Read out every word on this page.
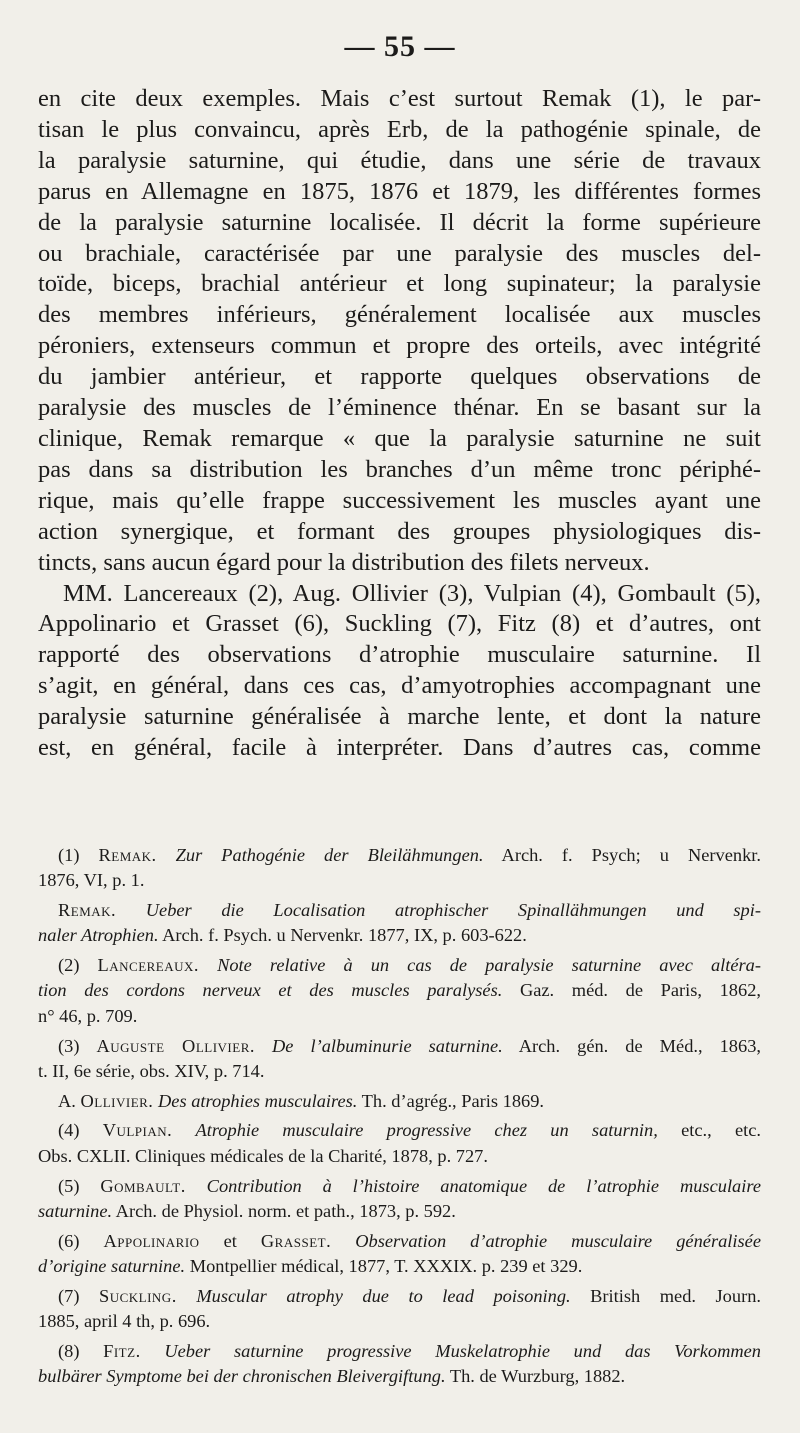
— 55 —

en cite deux exemples. Mais c’est surtout Remak (1), le par-
tisan le plus convaincu, après Erb, de la pathogénie spinale, de
la paralysie saturnine, qui étudie, dans une série de travaux
parus en Allemagne en 1875, 1876 et 1879, les différentes formes
de la paralysie saturnine localisée. Il décrit la forme supérieure
ou brachiale, caractérisée par une paralysie des muscles del-
toïde, biceps, brachial antérieur et long supinateur; la paralysie
des membres inférieurs, généralement localisée aux muscles
péroniers, extenseurs commun et propre des orteils, avec intégrité
du jambier antérieur, et rapporte quelques observations de
paralysie des muscles de l’éminence thénar. En se basant sur la
clinique, Remak remarque « que la paralysie saturnine ne suit
pas dans sa distribution les branches d’un même tronc périphé-
rique, mais qu’elle frappe successivement les muscles ayant une
action synergique, et formant des groupes physiologiques dis-
tincts, sans aucun égard pour la distribution des filets nerveux.

MM. Lancereaux (2), Aug. Ollivier (3), Vulpian (4), Gombault (5),
Appolinario et Grasset (6), Suckling (7), Fitz (8) et d’autres, ont
rapporté des observations d’atrophie musculaire saturnine. Il
s’agit, en général, dans ces cas, d’amyotrophies accompagnant une
paralysie saturnine généralisée à marche lente, et dont la nature
est, en général, facile à interpréter. Dans d’autres cas, comme

(1) Remak. Zur Pathogénie der Bleilähmungen. Arch. f. Psych; u Nervenkr.
1876, VI, p. 1.
Remak. Ueber die Localisation atrophischer Spinallähmungen und spi-
naler Atrophien. Arch. f. Psych. u Nervenkr. 1877, IX, p. 603-622.
(2) Lancereaux. Note relative à un cas de paralysie saturnine avec altéra-
tion des cordons nerveux et des muscles paralysés. Gaz. méd. de Paris, 1862,
n° 46, p. 709.
(3) Auguste Ollivier. De l’albuminurie saturnine. Arch. gén. de Méd., 1863,
t. II, 6e série, obs. XIV, p. 714.
A. Ollivier. Des atrophies musculaires. Th. d’agrég., Paris 1869.
(4) Vulpian. Atrophie musculaire progressive chez un saturnin, etc., etc.
Obs. CXLII. Cliniques médicales de la Charité, 1878, p. 727.
(5) Gombault. Contribution à l’histoire anatomique de l’atrophie musculaire
saturnine. Arch. de Physiol. norm. et path., 1873, p. 592.
(6) Appolinario et Grasset. Observation d’atrophie musculaire généralisée
d’origine saturnine. Montpellier médical, 1877, T. XXXIX. p. 239 et 329.
(7) Suckling. Muscular atrophy due to lead poisoning. British med. Journ.
1885, april 4 th, p. 696.
(8) Fitz. Ueber saturnine progressive Muskelatrophie und das Vorkommen
bulbärer Symptome bei der chronischen Bleivergiftung. Th. de Wurzburg, 1882.
